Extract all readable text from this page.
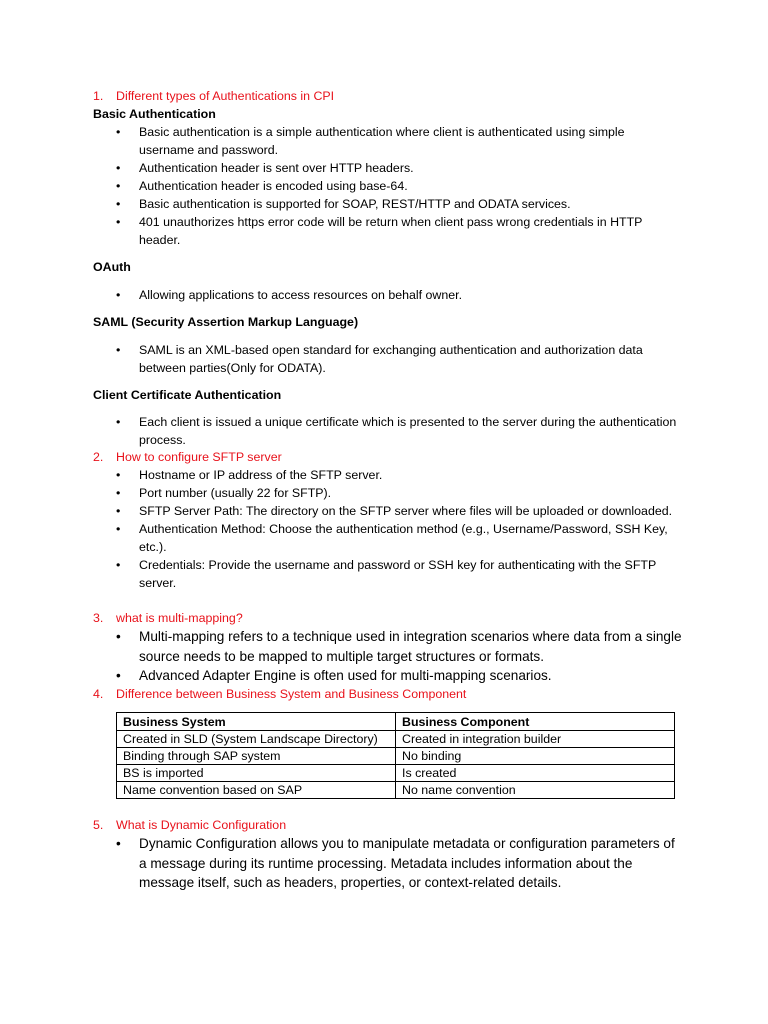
1. Different types of Authentications in CPI

Basic Authentication

• Basic authentication is a simple authentication where client is authenticated using simple username and password.
• Authentication header is sent over HTTP headers.
• Authentication header is encoded using base-64.
• Basic authentication is supported for SOAP, REST/HTTP and ODATA services.
• 401 unauthorizes https error code will be return when client pass wrong credentials in HTTP header.

OAuth

• Allowing applications to access resources on behalf owner.

SAML (Security Assertion Markup Language)

• SAML is an XML-based open standard for exchanging authentication and authorization data between parties(Only for ODATA).

Client Certificate Authentication

• Each client is issued a unique certificate which is presented to the server during the authentication process.

2. How to configure SFTP server

• Hostname or IP address of the SFTP server.
• Port number (usually 22 for SFTP).
• SFTP Server Path: The directory on the SFTP server where files will be uploaded or downloaded.
• Authentication Method: Choose the authentication method (e.g., Username/Password, SSH Key, etc.).
• Credentials: Provide the username and password or SSH key for authenticating with the SFTP server.

3. what is multi-mapping?

• Multi-mapping refers to a technique used in integration scenarios where data from a single source needs to be mapped to multiple target structures or formats.
• Advanced Adapter Engine is often used for multi-mapping scenarios.

4. Difference between Business System and Business Component

Business System	Business Component
Created in SLD (System Landscape Directory)	Created in integration builder
Binding through SAP system	No binding
BS is imported	Is created
Name convention based on SAP	No name convention

5. What is Dynamic Configuration

• Dynamic Configuration allows you to manipulate metadata or configuration parameters of a message during its runtime processing. Metadata includes information about the message itself, such as headers, properties, or context-related details.
